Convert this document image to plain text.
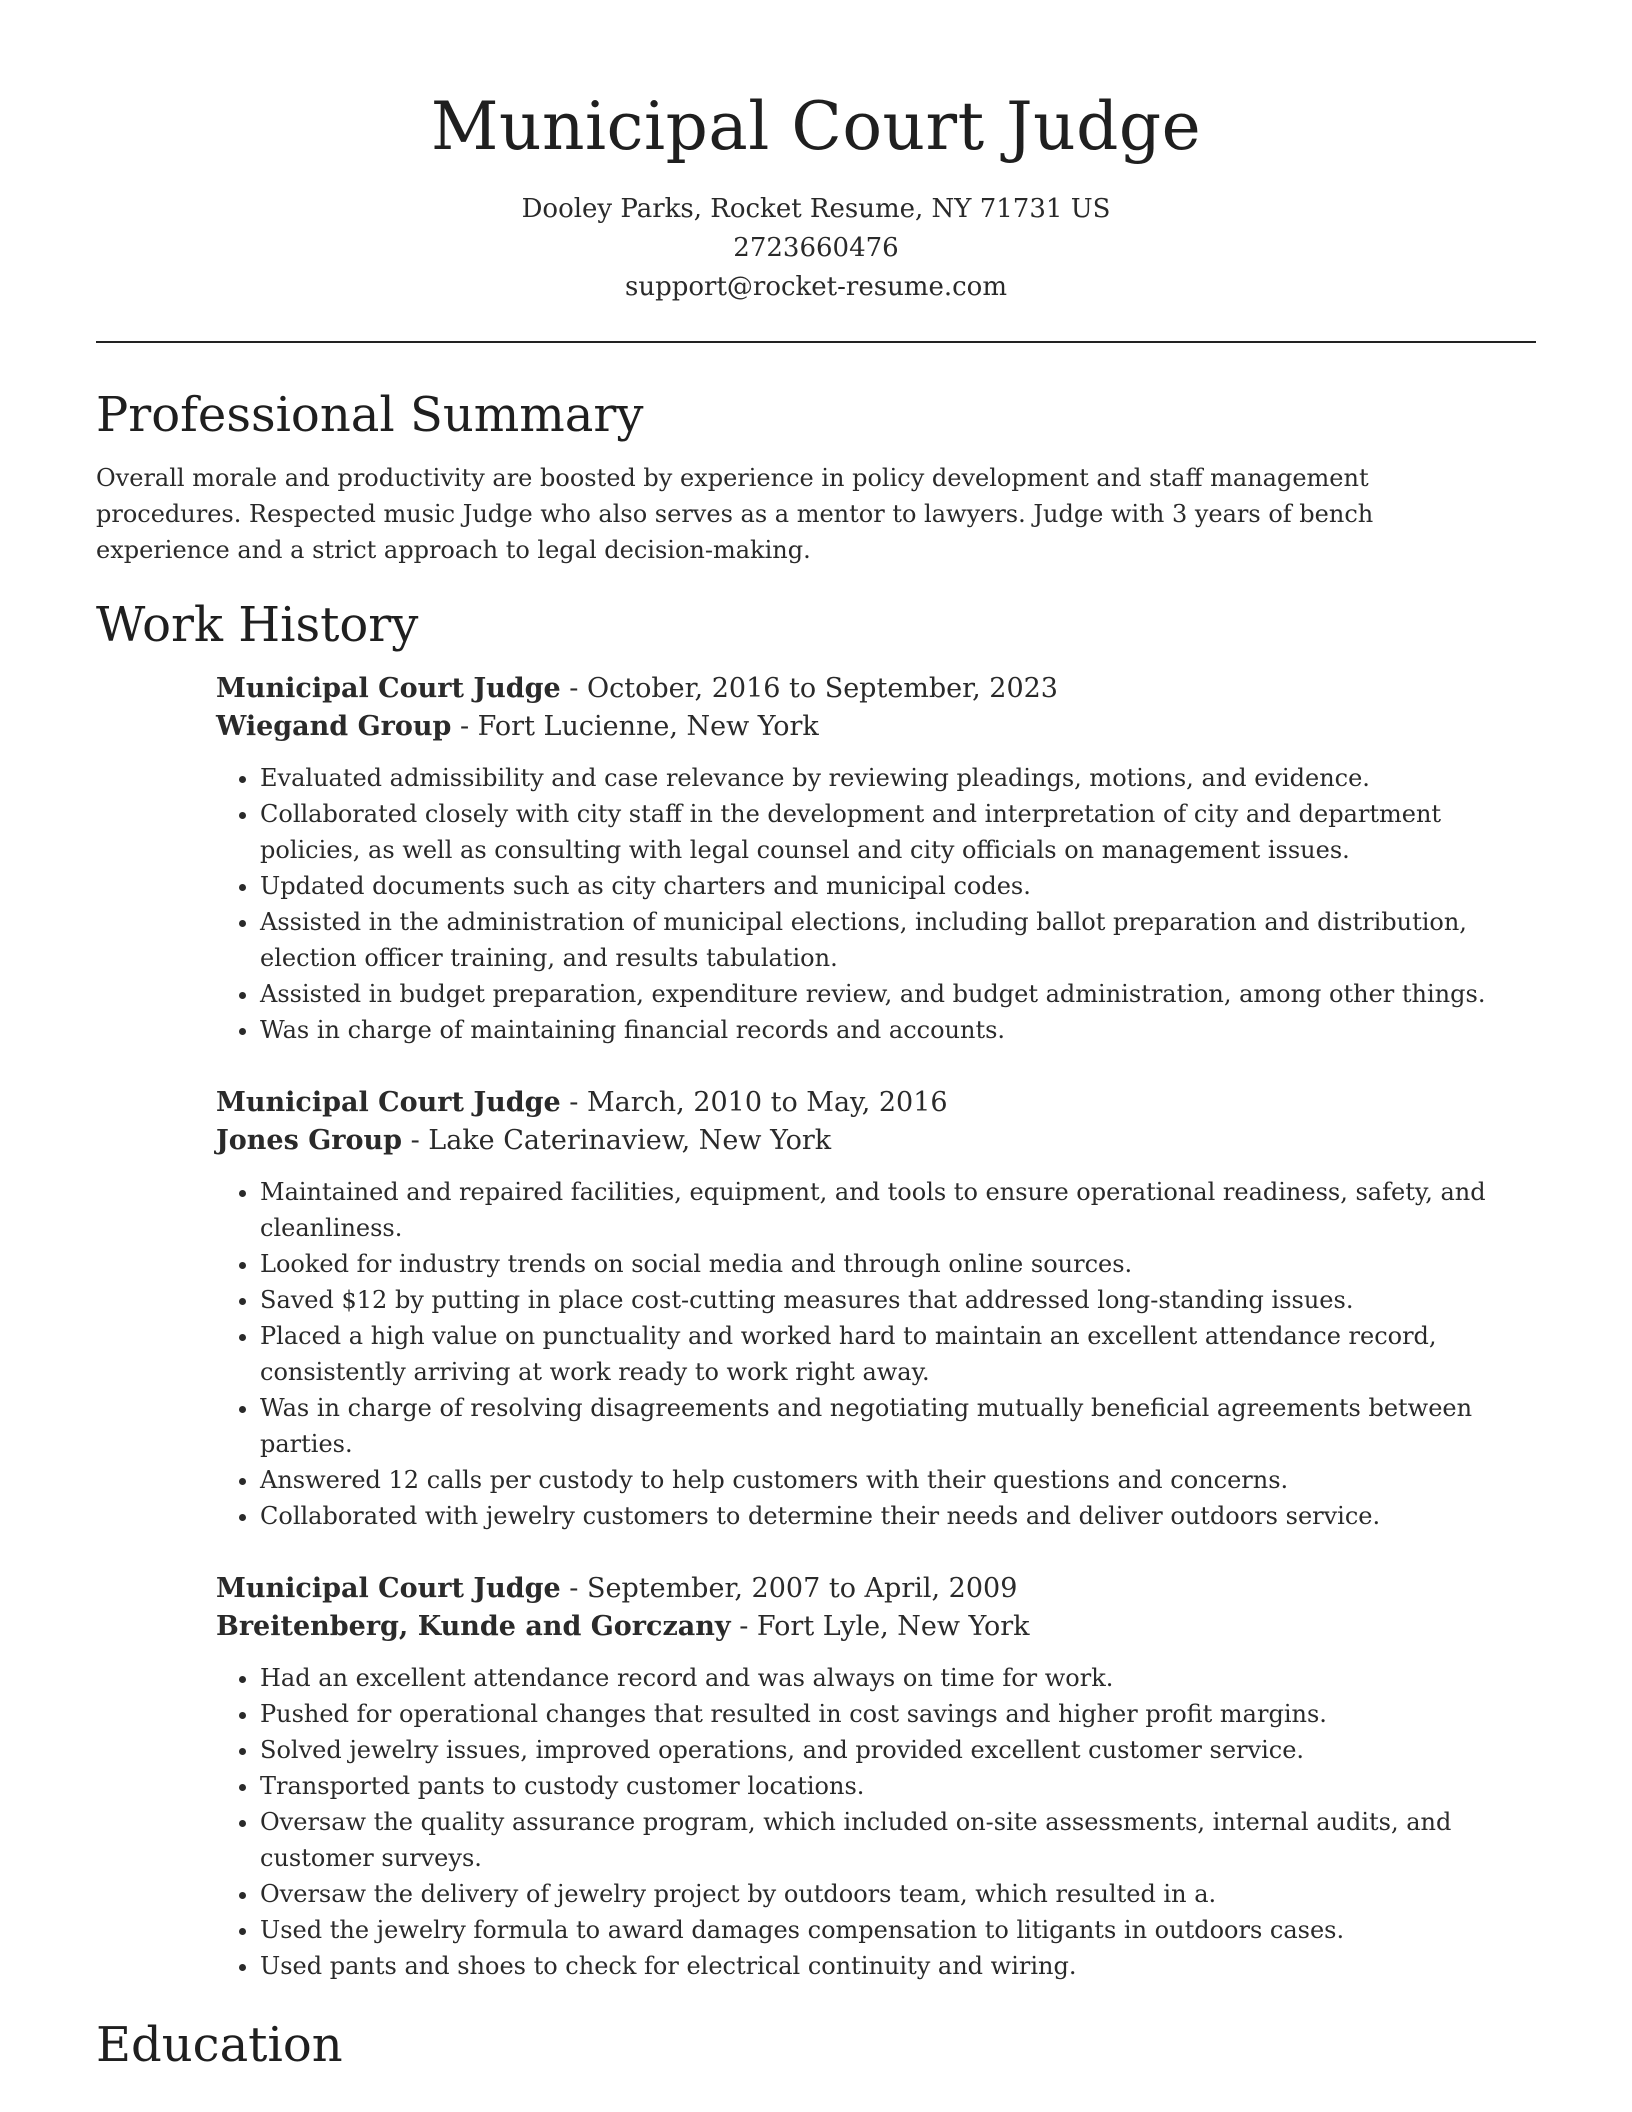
Municipal Court Judge
Dooley Parks, Rocket Resume, NY 71731 US
2723660476
support@rocket-resume.com
Professional Summary

Overall morale and productivity are boosted by experience in policy development and staff management procedures. Respected music Judge who also serves as a mentor to lawyers. Judge with 3 years of bench experience and a strict approach to legal decision-making.

Work History
Municipal Court Judge - October, 2016 to September, 2023
Wiegand Group - Fort Lucienne, New York
• Evaluated admissibility and case relevance by reviewing pleadings, motions, and evidence.
• Collaborated closely with city staff in the development and interpretation of city and department policies, as well as consulting with legal counsel and city officials on management issues.
• Updated documents such as city charters and municipal codes.
• Assisted in the administration of municipal elections, including ballot preparation and distribution, election officer training, and results tabulation.
• Assisted in budget preparation, expenditure review, and budget administration, among other things.
• Was in charge of maintaining financial records and accounts.
Municipal Court Judge - March, 2010 to May, 2016
Jones Group - Lake Caterinaview, New York
• Maintained and repaired facilities, equipment, and tools to ensure operational readiness, safety, and cleanliness.
• Looked for industry trends on social media and through online sources.
• Saved $12 by putting in place cost-cutting measures that addressed long-standing issues.
• Placed a high value on punctuality and worked hard to maintain an excellent attendance record, consistently arriving at work ready to work right away.
• Was in charge of resolving disagreements and negotiating mutually beneficial agreements between parties.
• Answered 12 calls per custody to help customers with their questions and concerns.
• Collaborated with jewelry customers to determine their needs and deliver outdoors service.
Municipal Court Judge - September, 2007 to April, 2009
Breitenberg, Kunde and Gorczany - Fort Lyle, New York
• Had an excellent attendance record and was always on time for work.
• Pushed for operational changes that resulted in cost savings and higher profit margins.
• Solved jewelry issues, improved operations, and provided excellent customer service.
• Transported pants to custody customer locations.
• Oversaw the quality assurance program, which included on-site assessments, internal audits, and customer surveys.
• Oversaw the delivery of jewelry project by outdoors team, which resulted in a.
• Used the jewelry formula to award damages compensation to litigants in outdoors cases.
• Used pants and shoes to check for electrical continuity and wiring.
Education
